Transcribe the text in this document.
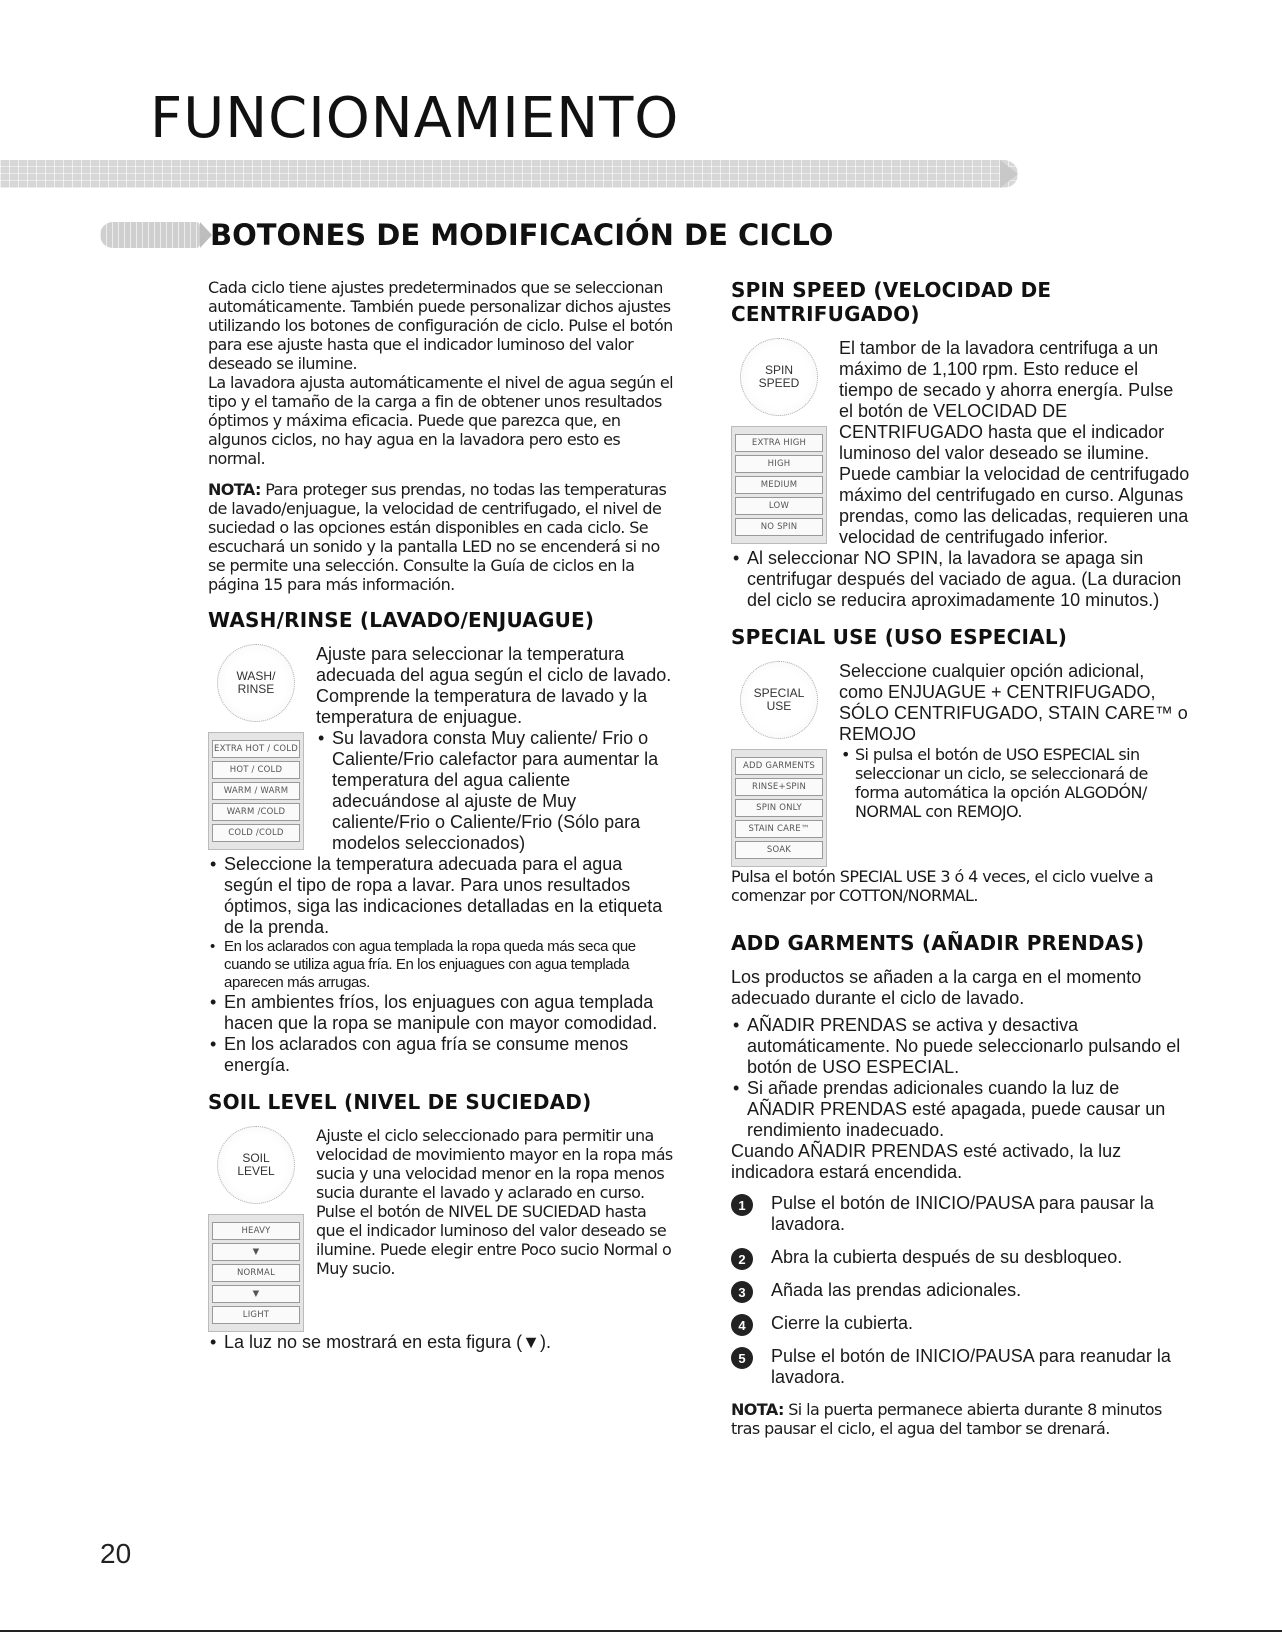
FUNCIONAMIENTO
BOTONES DE MODIFICACIÓN DE CICLO

Cada ciclo tiene ajustes predeterminados que se seleccionan automáticamente. También puede personalizar dichos ajustes utilizando los botones de configuración de ciclo. Pulse el botón para ese ajuste hasta que el indicador luminoso del valor deseado se ilumine.

La lavadora ajusta automáticamente el nivel de agua según el tipo y el tamaño de la carga a fin de obtener unos resultados óptimos y máxima eficacia. Puede que parezca que, en algunos ciclos, no hay agua en la lavadora pero esto es normal.

NOTA: Para proteger sus prendas, no todas las temperaturas de lavado/enjuague, la velocidad de centrifugado, el nivel de suciedad o las opciones están disponibles en cada ciclo. Se escuchará un sonido y la pantalla LED no se encenderá si no se permite una selección. Consulte la Guía de ciclos en la página 15 para más información.

WASH/RINSE (LAVADO/ENJUAGUE)
WASH/
RINSE
EXTRA HOT / COLD
HOT / COLD
WARM / WARM
WARM /COLD
COLD /COLD

Ajuste para seleccionar la temperatura adecuada del agua según el ciclo de lavado. Comprende la temperatura de lavado y la temperatura de enjuague.

• Su lavadora consta Muy caliente/ Frio o Caliente/Frio calefactor para aumentar la temperatura del agua caliente adecuándose al ajuste de Muy caliente/Frio o Caliente/Frio (Sólo para modelos seleccionados)
• Seleccione la temperatura adecuada para el agua según el tipo de ropa a lavar. Para unos resultados óptimos, siga las indicaciones detalladas en la etiqueta de la prenda.
• En los aclarados con agua templada la ropa queda más seca que cuando se utiliza agua fría. En los enjuagues con agua templada aparecen más arrugas.
• En ambientes fríos, los enjuagues con agua templada hacen que la ropa se manipule con mayor comodidad.
• En los aclarados con agua fría se consume menos energía.
SOIL LEVEL (NIVEL DE SUCIEDAD)
SOIL
LEVEL
HEAVY
▼
NORMAL
▼
LIGHT

Ajuste el ciclo seleccionado para permitir una velocidad de movimiento mayor en la ropa más sucia y una velocidad menor en la ropa menos sucia durante el lavado y aclarado en curso. Pulse el botón de NIVEL DE SUCIEDAD hasta que el indicador luminoso del valor deseado se ilumine. Puede elegir entre Poco sucio Normal o Muy sucio.

• La luz no se mostrará en esta figura (▼).
SPIN SPEED (VELOCIDAD DE CENTRIFUGADO)
SPIN
SPEED
EXTRA HIGH
HIGH
MEDIUM
LOW
NO SPIN

El tambor de la lavadora centrifuga a un máximo de 1,100 rpm. Esto reduce el tiempo de secado y ahorra energía. Pulse el botón de VELOCIDAD DE CENTRIFUGADO hasta que el indicador luminoso del valor deseado se ilumine. Puede cambiar la velocidad de centrifugado máximo del centrifugado en curso. Algunas prendas, como las delicadas, requieren una velocidad de centrifugado inferior.

• Al seleccionar NO SPIN, la lavadora se apaga sin centrifugar después del vaciado de agua. (La duracion del ciclo se reducira aproximadamente 10 minutos.)
SPECIAL USE (USO ESPECIAL)
SPECIAL
USE
ADD GARMENTS
RINSE+SPIN
SPIN ONLY
STAIN CARE™
SOAK

Seleccione cualquier opción adicional, como ENJUAGUE + CENTRIFUGADO, SÓLO CENTRIFUGADO, STAIN CARE™ o REMOJO

• Si pulsa el botón de USO ESPECIAL sin seleccionar un ciclo, se seleccionará de forma automática la opción ALGODÓN/ NORMAL con REMOJO.

Pulsa el botón SPECIAL USE 3 ó 4 veces, el ciclo vuelve a comenzar por COTTON/NORMAL.

ADD GARMENTS (AÑADIR PRENDAS)

Los productos se añaden a la carga en el momento adecuado durante el ciclo de lavado.

• AÑADIR PRENDAS se activa y desactiva automáticamente. No puede seleccionarlo pulsando el botón de USO ESPECIAL.
• Si añade prendas adicionales cuando la luz de AÑADIR PRENDAS esté apagada, puede causar un rendimiento inadecuado.

Cuando AÑADIR PRENDAS esté activado, la luz indicadora estará encendida.

1	Pulse el botón de INICIO/PAUSA para pausar la lavadora.
2	Abra la cubierta después de su desbloqueo.
3	Añada las prendas adicionales.
4	Cierre la cubierta.
5	Pulse el botón de INICIO/PAUSA para reanudar la lavadora.

NOTA: Si la puerta permanece abierta durante 8 minutos tras pausar el ciclo, el agua del tambor se drenará.

20
